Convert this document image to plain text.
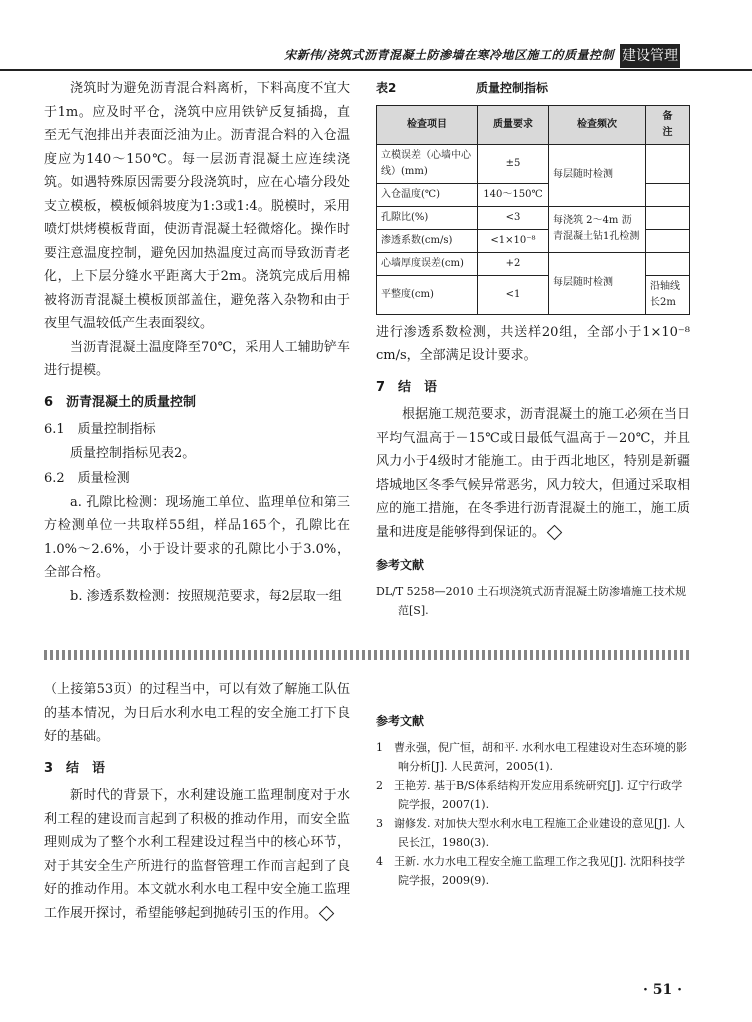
宋新伟/浇筑式沥青混凝土防渗墙在寒冷地区施工的质量控制 建设管理

浇筑时为避免沥青混合料离析，下料高度不宜大于1m。应及时平仓，浇筑中应用铁铲反复插捣，直至无气泡排出并表面泛油为止。沥青混合料的入仓温度应为140～150℃。每一层沥青混凝土应连续浇筑。如遇特殊原因需要分段浇筑时，应在心墙分段处支立模板，模板倾斜坡度为1:3或1:4。脱模时，采用喷灯烘烤模板背面，使沥青混凝土轻微熔化。操作时要注意温度控制，避免因加热温度过高而导致沥青老化，上下层分缝水平距离大于2m。浇筑完成后用棉被将沥青混凝土模板顶部盖住，避免落入杂物和由于夜里气温较低产生表面裂纹。

当沥青混凝土温度降至70℃，采用人工辅助铲车进行提模。

6　沥青混凝土的质量控制
6.1　质量控制指标

质量控制指标见表2。

6.2　质量检测

a. 孔隙比检测：现场施工单位、监理单位和第三方检测单位一共取样55组，样品165个，孔隙比在1.0%～2.6%，小于设计要求的孔隙比小于3.0%，全部合格。

b. 渗透系数检测：按照规范要求，每2层取一组

表2	质量控制指标
检查项目	质量要求	检查频次	备　　注
立模误差（心墙中心线）(mm)	±5	每层随时检测	
入仓温度(℃)	140～150℃		
孔隙比(%)	<3	每浇筑 2～4m 沥青混凝土钻1孔检测	
渗透系数(cm/s)	<1×10⁻⁸		
心墙厚度误差(cm)	+2	每层随时检测	
平整度(cm)	<1		沿轴线长2m

进行渗透系数检测，共送样20组，全部小于1×10⁻⁸ cm/s，全部满足设计要求。

7　结　语

根据施工规范要求，沥青混凝土的施工必须在当日平均气温高于－15℃或日最低气温高于－20℃，并且风力小于4级时才能施工。由于西北地区，特别是新疆塔城地区冬季气候异常恶劣，风力较大，但通过采取相应的施工措施，在冬季进行沥青混凝土的施工，施工质量和进度是能够得到保证的。

参考文献

DL/T 5258—2010 土石坝浇筑式沥青混凝土防渗墙施工技术规范[S].

（上接第53页）的过程当中，可以有效了解施工队伍的基本情况，为日后水利水电工程的安全施工打下良好的基础。

3　结　语

新时代的背景下，水利建设施工监理制度对于水利工程的建设而言起到了积极的推动作用，而安全监理则成为了整个水利工程建设过程当中的核心环节，对于其安全生产所进行的监督管理工作而言起到了良好的推动作用。本文就水利水电工程中安全施工监理工作展开探讨，希望能够起到抛砖引玉的作用。

参考文献

1　曹永强，倪广恒，胡和平. 水利水电工程建设对生态环境的影响分析[J]. 人民黄河，2005(1).

2　王艳芳. 基于B/S体系结构开发应用系统研究[J]. 辽宁行政学院学报，2007(1).

3　谢修发. 对加快大型水利水电工程施工企业建设的意见[J]. 人民长江，1980(3).

4　王新. 水力水电工程安全施工监理工作之我见[J]. 沈阳科技学院学报，2009(9).

· 51 ·
